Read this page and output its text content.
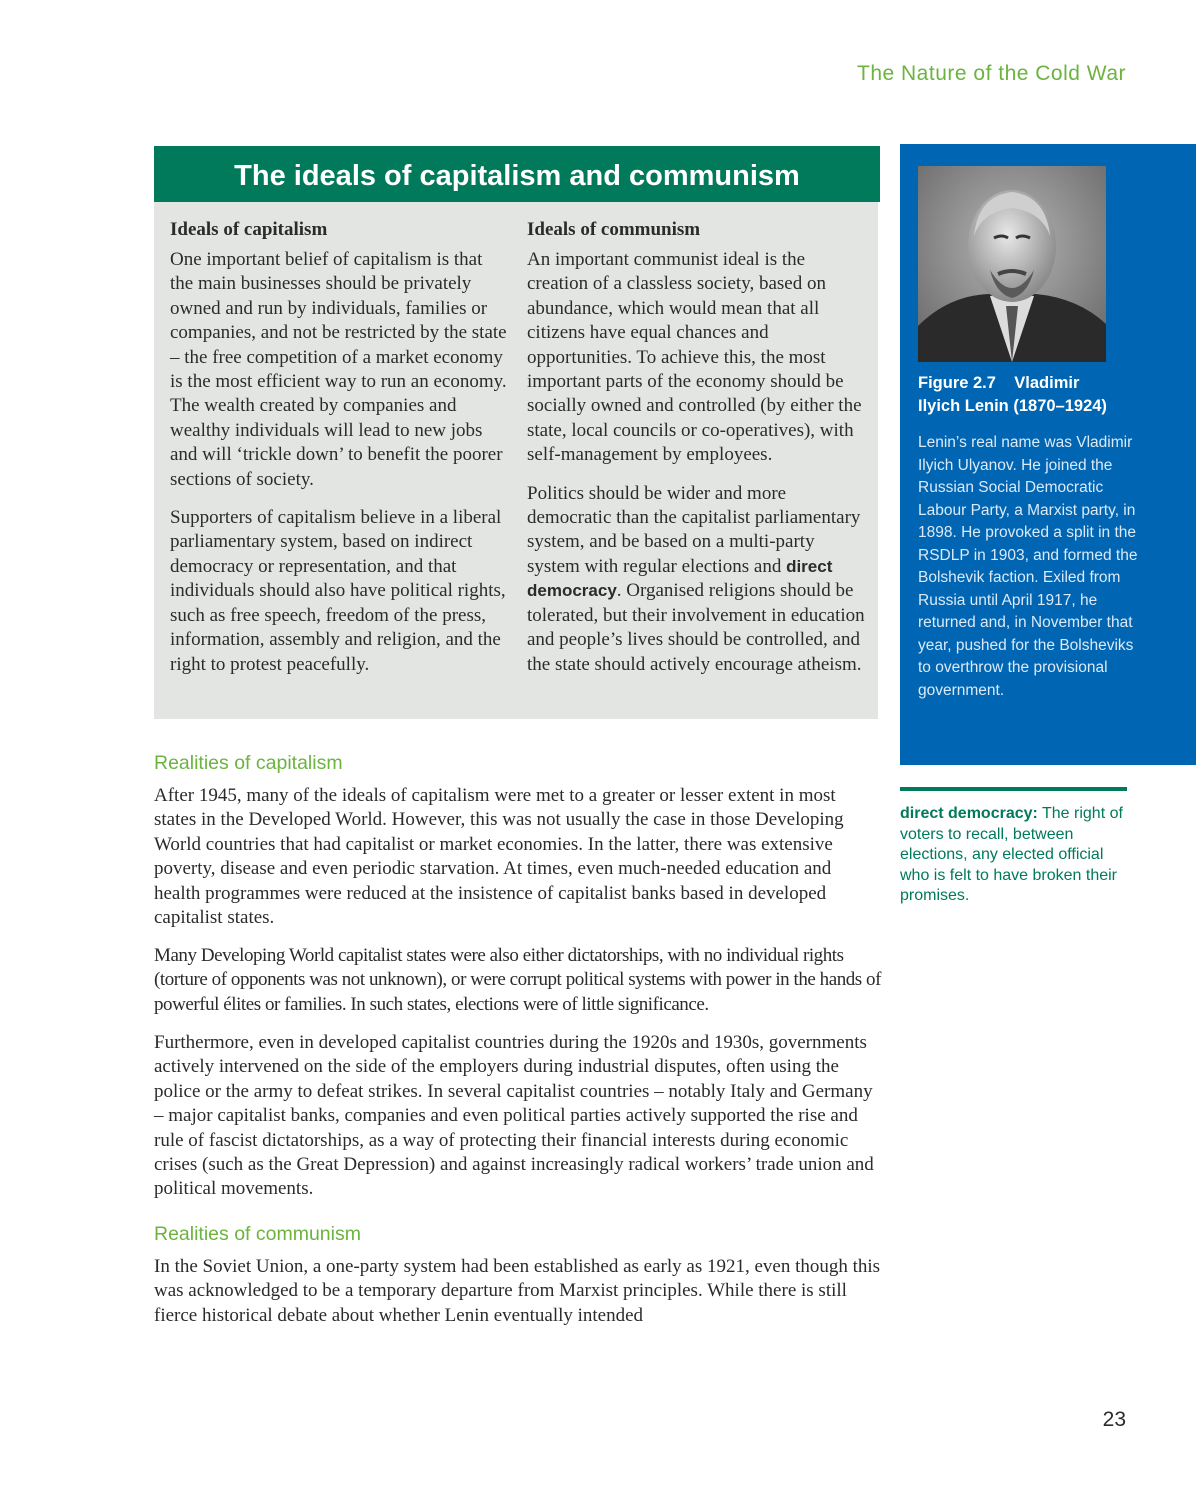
The Nature of the Cold War
The ideals of capitalism and communism
Ideals of capitalism

One important belief of capitalism is that the main businesses should be privately owned and run by individuals, families or companies, and not be restricted by the state – the free competition of a market economy is the most efficient way to run an economy. The wealth created by companies and wealthy individuals will lead to new jobs and will ‘trickle down’ to benefit the poorer sections of society.

Supporters of capitalism believe in a liberal parliamentary system, based on indirect democracy or representation, and that individuals should also have political rights, such as free speech, freedom of the press, information, assembly and religion, and the right to protest peacefully.

Ideals of communism

An important communist ideal is the creation of a classless society, based on abundance, which would mean that all citizens have equal chances and opportunities. To achieve this, the most important parts of the economy should be socially owned and controlled (by either the state, local councils or co-operatives), with self-management by employees.

Politics should be wider and more democratic than the capitalist parliamentary system, and be based on a multi-party system with regular elections and direct democracy. Organised religions should be tolerated, but their involvement in education and people’s lives should be controlled, and the state should actively encourage atheism.

Figure 2.7    Vladimir
Ilyich Lenin (1870–1924)
Lenin’s real name was Vladimir Ilyich Ulyanov. He joined the Russian Social Democratic Labour Party, a Marxist party, in 1898. He provoked a split in the RSDLP in 1903, and formed the Bolshevik faction. Exiled from Russia until April 1917, he returned and, in November that year, pushed for the Bolsheviks to overthrow the provisional government.
direct democracy: The right of voters to recall, between elections, any elected official who is felt to have broken their promises.
Realities of capitalism

After 1945, many of the ideals of capitalism were met to a greater or lesser extent in most states in the Developed World. However, this was not usually the case in those Developing World countries that had capitalist or market economies. In the latter, there was extensive poverty, disease and even periodic starvation. At times, even much-needed education and health programmes were reduced at the insistence of capitalist banks based in developed capitalist states.

Many Developing World capitalist states were also either dictatorships, with no individual rights (torture of opponents was not unknown), or were corrupt political systems with power in the hands of powerful élites or families. In such states, elections were of little significance.

Furthermore, even in developed capitalist countries during the 1920s and 1930s, governments actively intervened on the side of the employers during industrial disputes, often using the police or the army to defeat strikes. In several capitalist countries – notably Italy and Germany – major capitalist banks, companies and even political parties actively supported the rise and rule of fascist dictatorships, as a way of protecting their financial interests during economic crises (such as the Great Depression) and against increasingly radical workers’ trade union and political movements.

Realities of communism

In the Soviet Union, a one-party system had been established as early as 1921, even though this was acknowledged to be a temporary departure from Marxist principles. While there is still fierce historical debate about whether Lenin eventually intended

23
